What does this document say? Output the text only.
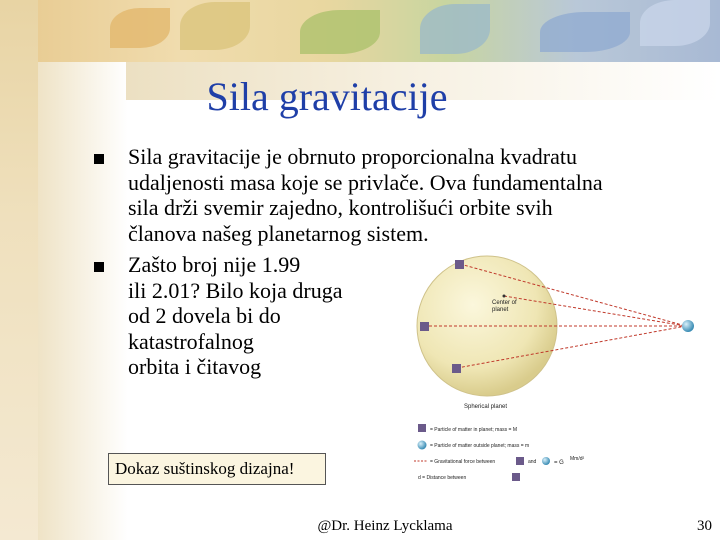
Sila gravitacije
Sila gravitacije je obrnuto proporcionalna kvadratu
udaljenosti masa koje se privlače. Ova fundamentalna
sila drži svemir zajedno, kontrolišući orbite svih
članova našeg planetarnog sistem.
Zašto broj nije 1.99
ili 2.01? Bilo koja druga
od 2 dovela bi do
katastrofalnog
orbita i čitavog
Center of planet
Spherical planet
= Particle of matter in planet; mass = M
= Particle of matter outside planet; mass = m
= Gravitational force between	and	= G
Mm/d²
d = Distance between
Dokaz suštinskog dizajna!
@Dr. Heinz Lycklama	30
